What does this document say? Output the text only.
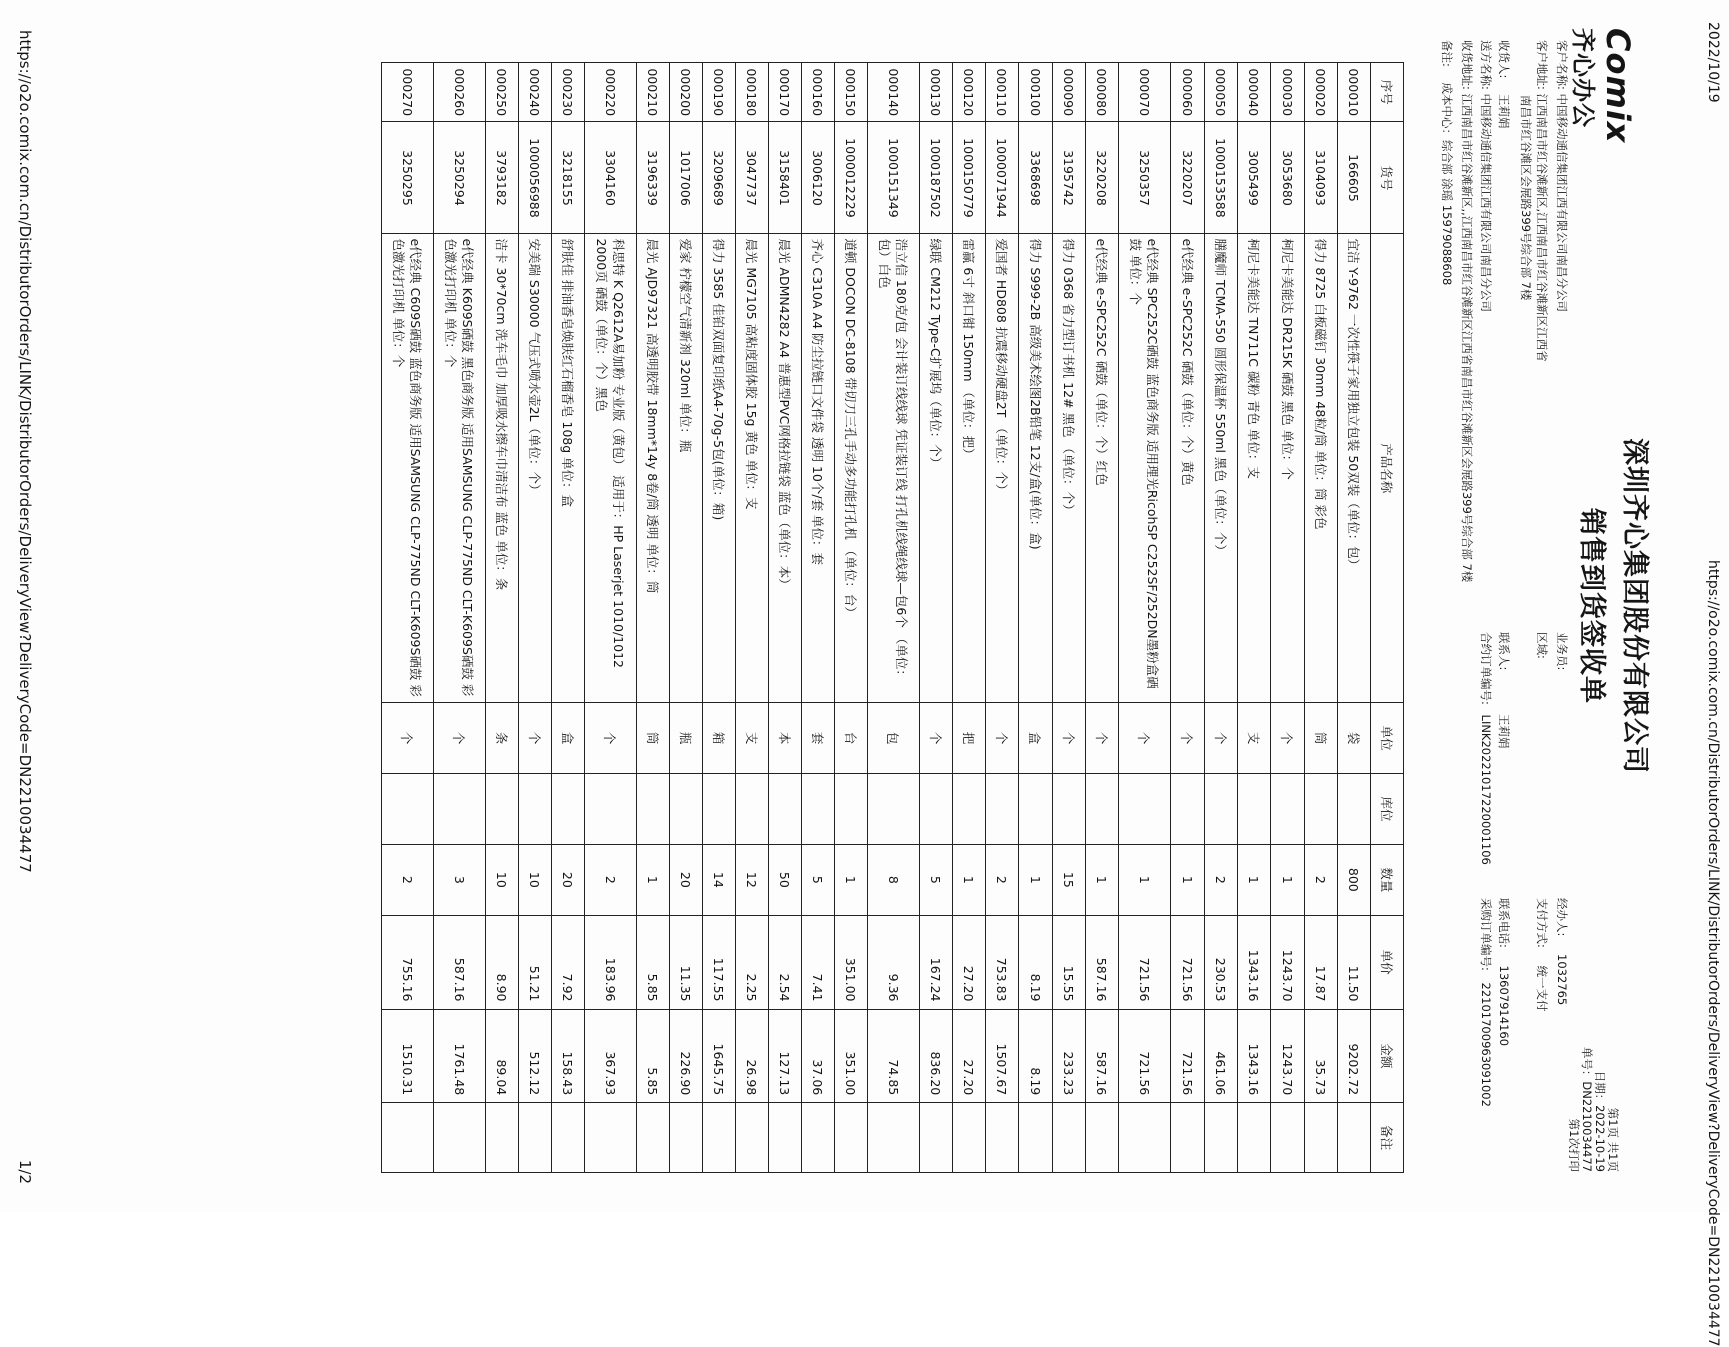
2022/10/19
https://o2o.comix.com.cn/DistributorOrders/LINK/DistributorOrders/DeliveryView?DeliveryCode=DN2210034477
Comix
齐心办公
深圳齐心集团股份有限公司
销售到货签收单
第1页 共1页
日期：2022-10-19
单号：DN2210034477
第1次打印
客户名称: 中国移动通信集团江西有限公司南昌分公司
业务员:
经办人: 1032765
客户地址: 江西南昌市红谷滩新区,江西南昌市红谷滩新区江西省
南昌市红谷滩区会展路399号综合部 7楼
区域:
支付方式: 统一支付
收货人: 王莉娟
联系人: 王莉娟
联系电话: 13607914160
送方名称: 中国移动通信集团江西有限公司南昌分公司
合约订单编号: LINK20221017220001106
采购订单编号: 2210170096309​1002
收货地址: 江西南昌市红谷滩新区,,江西南昌市红谷滩新区江西省南昌市红谷滩新区会展路399号综合部 7楼
备注: 成本中心：综合部 涂瑶 15979088608
序号	货号	产品名称	单位	库位	数量	单价	金额	备注
000010	166605	宜洁 Y-9762 一次性筷子家用独立包装 50双装（单位：包）	袋		800	11.50	9202.72	
000020	3104093	得力 8725 白板磁钉 30mm 48粒/筒 单位：筒 彩色	筒		2	17.87	35.73	
000030	3053680	柯尼卡美能达 DR215K 硒鼓 黑色 单位：个	个		1	1243.70	1243.70	
000040	3005499	柯尼卡美能达 TN711C 碳粉 青色 单位：支	支		1	1343.16	1343.16	
000050	1000153588	膳魔师 TCMA-550 圆形保温杯 550ml 黑色（单位：个）	个		2	230.53	461.06	
000060	3220207	e代经典 e-SPC252C 硒鼓（单位：个）黄色	个		1	721.56	721.56	
000070	3250357	e代经典 SPC252C硒鼓 蓝色商务版 适用理光RicohSP C252SF/252DN墨粉盒硒鼓 单位：个	个		1	721.56	721.56	
000080	3220208	e代经典 e-SPC252C 硒鼓（单位：个）红色	个		1	587.16	587.16	
000090	3195742	得力 0368 省力型订书机 12# 黑色 （单位：个）	个		15	15.55	233.23	
000100	3368698	得力 S999-2B 高级美术绘图2B铅笔 12支/盒(单位：盒)	盒		1	8.19	8.19	
000110	1000071944	爱国者 HD808 抗震移动硬盘2T （单位：个）	个		2	753.83	1507.67	
000120	1000150779	雷赢 6寸 斜口钳 150mm （单位：把）	把		1	27.20	27.20	
000130	1000187502	绿联 CM212 Type-C扩展坞（单位：个）	个		5	167.24	836.20	
000140	1000151349	浩立信 180克/包 会计装订线线球 凭证装订线 打孔机线绳线球—包6个 （单位：包）白色	包		8	9.36	74.85	
000150	1000012229	道顿 DOCON DC-8108 带切刀三孔手动多功能打孔机 （单位：台）	台		1	351.00	351.00	
000160	3006120	齐心 C310A A4 防尘拉链口文件袋 透明 10个/套 单位：套	套		5	7.41	37.06	
000170	3158401	晨光 ADMN4282 A4 普惠型PVC网格拉链袋 蓝色（单位：本）	本		50	2.54	127.13	
000180	3047737	晨光 MG7105 高粘度固体胶 15g 黄色 单位：支	支		12	2.25	26.98	
000190	3209689	得力 3585 佳铂双面复印纸A4-70g-5包(单位：箱)	箱		14	117.55	1645.75	
000200	1017006	爱家 柠檬空气清新剂 320ml 单位：瓶	瓶		20	11.35	226.90	
000210	3196339	晨光 AJD97321 高透明胶带 18mm*14y 8卷/筒 透明 单位：筒	筒		1	5.85	5.85	
000220	3304160	科思特 K Q2612A易加粉 专业版（黄包） 适用于：HP Laserjet 1010/1012 2000页 硒鼓（单位：个）黑色	个		2	183.96	367.93	
000230	3218155	舒肤佳 排油香皂焕肤红石榴香皂 108g 单位：盒	盒		20	7.92	158.43	
000240	1000056988	安美瑞 S30000 气压式喷水壶2L（单位：个）	个		10	51.21	512.12	
000250	3793182	洁卡 30*70cm 洗车毛巾 加厚吸水擦车巾清洁布 蓝色 单位：条	条		10	8.90	89.04	
000260	3250294	e代经典 K609S硒鼓 黑色商务版 适用SAMSUNG CLP-775ND CLT-K609S硒鼓 彩色激光打印机 单位：个	个		3	587.16	1761.48	
000270	3250295	e代经典 C609S硒鼓 蓝色商务版 适用SAMSUNG CLP-775ND CLT-K609S硒鼓 彩色激光打印机 单位：个	个		2	755.16	1510.31	
https://o2o.comix.com.cn/DistributorOrders/LINK/DistributorOrders/DeliveryView?DeliveryCode=DN2210034477
1/2
